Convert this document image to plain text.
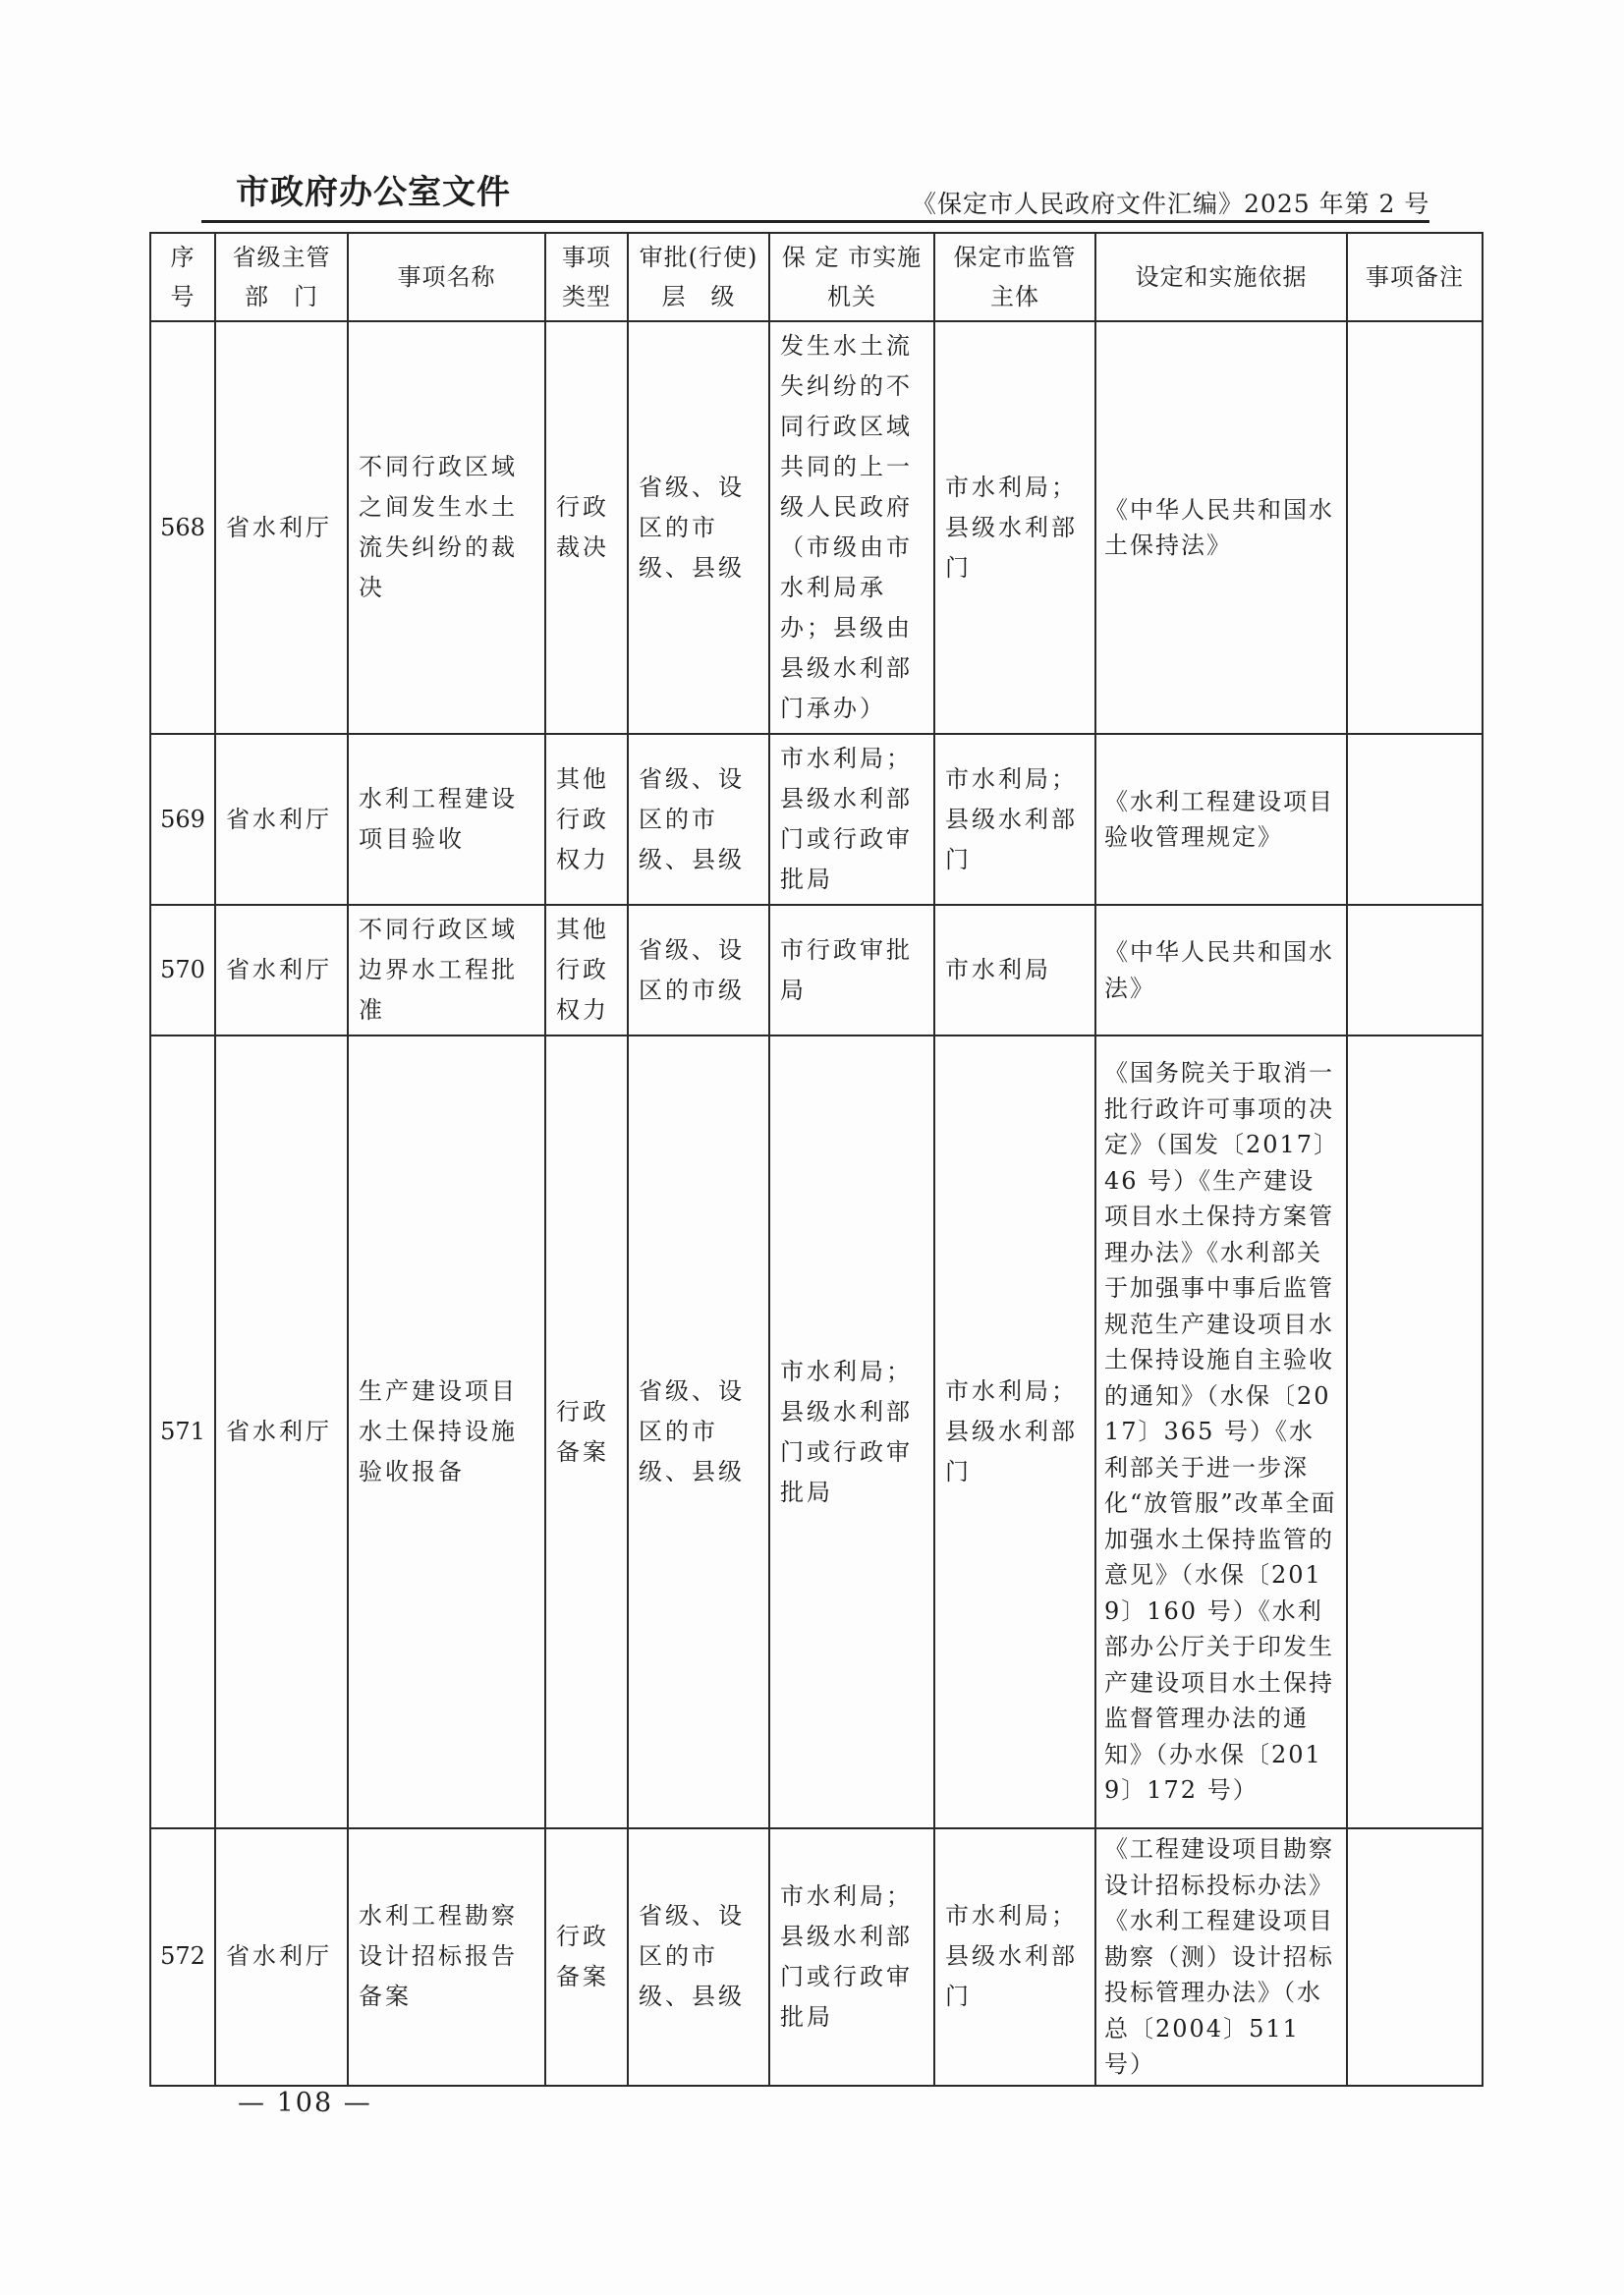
市政府办公室文件	《保定市人民政府文件汇编》2025 年第 2 号
序号	省级主管部　门	事项名称	事项类型	审批(行使)层　级	保 定 市实施机关	保定市监管主体	设定和实施依据	事项备注
568	省水利厅	不同行政区域之间发生水土流失纠纷的裁决	行政裁决	省级、设区的市级、县级	发生水土流失纠纷的不同行政区域共同的上一级人民政府（市级由市水利局承办；县级由县级水利部门承办）	市水利局；县级水利部门	《中华人民共和国水土保持法》	
569	省水利厅	水利工程建设项目验收	其他行政权力	省级、设区的市级、县级	市水利局；县级水利部门或行政审批局	市水利局；县级水利部门	《水利工程建设项目验收管理规定》	
570	省水利厅	不同行政区域边界水工程批准	其他行政权力	省级、设区的市级	市行政审批局	市水利局	《中华人民共和国水法》	
571	省水利厅	生产建设项目水土保持设施验收报备	行政备案	省级、设区的市级、县级	市水利局；县级水利部门或行政审批局	市水利局；县级水利部门	《国务院关于取消一批行政许可事项的决定》（国发〔2017〕46 号）《生产建设项目水土保持方案管理办法》《水利部关于加强事中事后监管规范生产建设项目水土保持设施自主验收的通知》（水保〔2017〕365 号）《水利部关于进一步深化“放管服”改革全面加强水土保持监管的意见》（水保〔2019〕160 号）《水利部办公厅关于印发生产建设项目水土保持监督管理办法的通知》（办水保〔2019〕172 号）	
572	省水利厅	水利工程勘察设计招标报告备案	行政备案	省级、设区的市级、县级	市水利局；县级水利部门或行政审批局	市水利局；县级水利部门	《工程建设项目勘察设计招标投标办法》《水利工程建设项目勘察（测）设计招标投标管理办法》（水总〔2004〕511 号）	
— 108 —
